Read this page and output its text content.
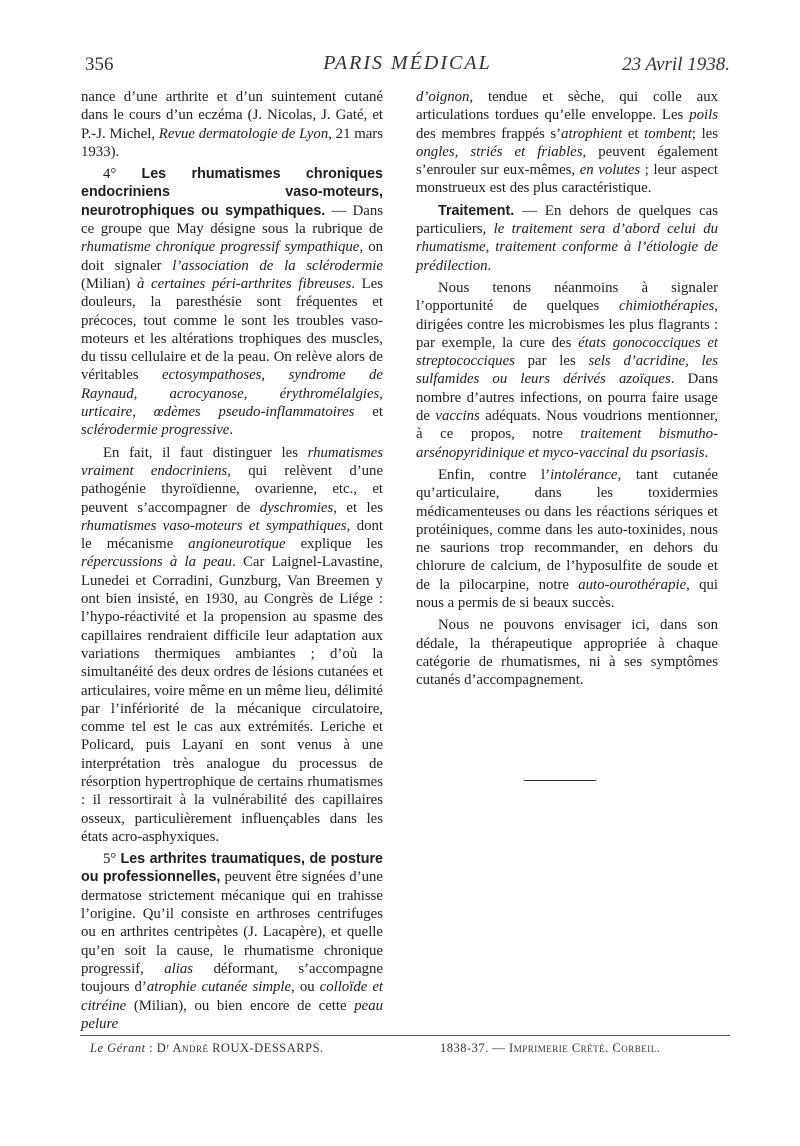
356	PARIS MÉDICAL	23 Avril 1938.

nance d’une arthrite et d’un suintement cutané dans le cours d’un eczéma (J. Nicolas, J. Gaté, et P.-J. Michel, Revue dermatologie de Lyon, 21 mars 1933).

4° Les rhumatismes chroniques endocriniens vaso-moteurs, neurotrophiques ou sympathiques. — Dans ce groupe que May désigne sous la rubrique de rhumatisme chronique progressif sympathique, on doit signaler l’association de la sclérodermie (Milian) à certaines péri-arthrites fibreuses. Les douleurs, la paresthésie sont fréquentes et précoces, tout comme le sont les troubles vaso-moteurs et les altérations trophiques des muscles, du tissu cellulaire et de la peau. On relève alors de véritables ectosympathoses, syndrome de Raynaud, acrocyanose, érythromélalgies, urticaire, œdèmes pseudo-inflammatoires et sclérodermie progressive.

En fait, il faut distinguer les rhumatismes vraiment endocriniens, qui relèvent d’une pathogénie thyroïdienne, ovarienne, etc., et peuvent s’accompagner de dyschromies, et les rhumatismes vaso-moteurs et sympathiques, dont le mécanisme angioneurotique explique les répercussions à la peau. Car Laignel-Lavastine, Lunedei et Corradini, Gunzburg, Van Breemen y ont bien insisté, en 1930, au Congrès de Liége : l’hypo-réactivité et la propension au spasme des capillaires rendraient difficile leur adaptation aux variations thermiques ambiantes ; d’où la simultanéité des deux ordres de lésions cutanées et articulaires, voire même en un même lieu, délimité par l’infériorité de la mécanique circulatoire, comme tel est le cas aux extrémités. Leriche et Policard, puis Layani en sont venus à une interprétation très analogue du processus de résorption hypertrophique de certains rhumatismes : il ressortirait à la vulnérabilité des capillaires osseux, particulièrement influençables dans les états acro-asphyxiques.

5° Les arthrites traumatiques, de posture ou professionnelles, peuvent être signées d’une dermatose strictement mécanique qui en trahisse l’origine. Qu’il consiste en arthroses centrifuges ou en arthrites centripètes (J. Lacapère), et quelle qu’en soit la cause, le rhumatisme chronique progressif, alias déformant, s’accompagne toujours d’atrophie cutanée simple, ou colloïde et citréine (Milian), ou bien encore de cette peau pelure

d’oignon, tendue et sèche, qui colle aux articulations tordues qu’elle enveloppe. Les poils des membres frappés s’atrophient et tombent; les ongles, striés et friables, peuvent également s’enrouler sur eux-mêmes, en volutes ; leur aspect monstrueux est des plus caractéristique.

Traitement. — En dehors de quelques cas particuliers, le traitement sera d’abord celui du rhumatisme, traitement conforme à l’étiologie de prédilection.

Nous tenons néanmoins à signaler l’opportunité de quelques chimiothérapies, dirigées contre les microbismes les plus flagrants : par exemple, la cure des états gonococciques et streptococciques par les sels d’acridine, les sulfamides ou leurs dérivés azoïques. Dans nombre d’autres infections, on pourra faire usage de vaccins adéquats. Nous voudrions mentionner, à ce propos, notre traitement bismutho-arsénopyridinique et myco-vaccinal du psoriasis.

Enfin, contre l’intolérance, tant cutanée qu’articulaire, dans les toxidermies médicamenteuses ou dans les réactions sériques et protéiniques, comme dans les auto-toxinides, nous ne saurions trop recommander, en dehors du chlorure de calcium, de l’hyposulfite de soude et de la pilocarpine, notre auto-ourothérapie, qui nous a permis de si beaux succès.

Nous ne pouvons envisager ici, dans son dédale, la thérapeutique appropriée à chaque catégorie de rhumatismes, ni à ses symptômes cutanés d’accompagnement.

Le Gérant : Dʳ André ROUX-DESSARPS.	1838-37. — Imprimerie Crété. Corbeil.
